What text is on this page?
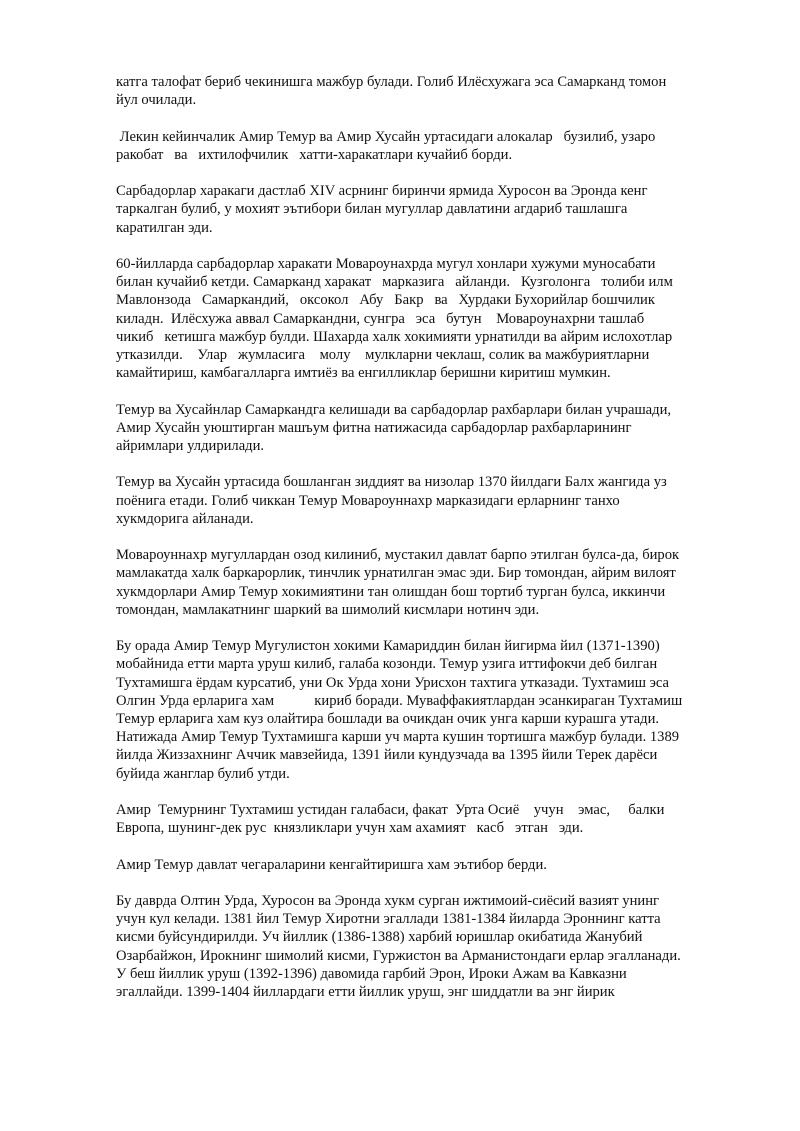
катга талофат бериб чекинишга мажбур булади. Голиб Илёсхужага эса Самарканд томон йул очилади.

Лекин кейинчалик Амир Темур ва Амир Хусайн уртасидаги алокалар   бузилиб, узаро ракобат   ва   ихтилофчилик   хатти-харакатлари кучайиб борди.

Сарбадорлар харакаги дастлаб XIV асрнинг биринчи ярмида Хуросон ва Эронда кенг таркалган булиб, у мохият эътибори билан мугуллар давлатини агдариб ташлашга каратилган эди.

60-йилларда сарбадорлар харакати Мовароунахрда мугул хонлари хужуми муносабати билан кучайиб кетди. Самарканд харакат   марказига   айланди.   Кузголонга   толиби илм Мавлонзода   Самаркандий,   оксокол   Абу   Бакр   ва   Хурдаки Бухорийлар бошчилик киладн.  Илёсхужа аввал Самаркандни, сунгра   эса   бутун    Мовароунахрни ташлаб   чикиб   кетишга мажбур булди. Шахарда халк хокимияти урнатилди ва айрим ислохотлар    утказилди.    Улар   жумласига    молу    мулкларни чеклаш, солик ва мажбуриятларни камайтириш, камбагалларга имтиёз ва енгилликлар беришни киритиш мумкин.

Темур ва Хусайнлар Самаркандга келишади ва сарбадорлар рахбарлари билан учрашади, Амир Хусайн уюштирган машъум фитна натижасида сарбадорлар рахбарларининг айримлари улдирилади.

Темур ва Хусайн уртасида бошланган зиддият ва низолар 1370 йилдаги Балх жангида уз поёнига етади. Голиб чиккан Темур Мовароуннахр марказидаги ерларнинг танхо хукмдорига айланади.

Мовароуннахр мугуллардан озод килиниб, мустакил давлат барпо этилган булса-да, бирок мамлакатда халк баркарорлик, тинчлик урнатилган эмас эди. Бир томондан, айрим вилоят хукмдорлари Амир Темур хокимиятини тан олишдан бош тортиб турган булса, иккинчи томондан, мамлакатнинг шаркий ва шимолий кисмлари нотинч эди.

Бу орада Амир Темур Мугулистон хокими Камариддин билан йигирма йил (1371-1390) мобайнида етти марта уруш килиб, галаба козонди. Темур узига иттифокчи деб билган Тухтамишга ёрдам курсатиб, уни Ок Урда хони Урисхон тахтига утказади. Тухтамиш эса Олгин Урда ерларига хам           кириб боради. Муваффакиятлардан эсанкираган Тухтамиш Темур ерларига хам куз олайтира бошлади ва очикдан очик унга карши курашга утади. Натижада Амир Темур Тухтамишга карши уч марта кушин тортишга мажбур булади. 1389 йилда Жиззахнинг Аччик мавзейида, 1391 йили кундузчада ва 1395 йили Терек дарёси буйида жанглар булиб утди.

Амир  Темурнинг Тухтамиш устидан галабаси, факат  Урта Осиё    учун    эмас,     балки Европа, шунинг-дек рус  князликлари учун хам ахамият   касб   этган   эди.

Амир Темур давлат чегараларини кенгайтиришга хам эътибор берди.

Бу даврда Олтин Урда, Хуросон ва Эронда хукм сурган ижтимоий-сиёсий вазият унинг учун кул келади. 1381 йил Темур Хиротни эгаллади 1381-1384 йиларда Эроннинг катта кисми буйсундирилди. Уч йиллик (1386-1388) харбий юришлар окибатида Жанубий Озарбайжон, Ирокнинг шимолий кисми, Гуржистон ва Арманистондаги ерлар эгалланади. У беш йиллик уруш (1392-1396) давомида гарбий Эрон, Ироки Ажам ва Кавказни эгаллайди. 1399-1404 йиллардаги етти йиллик уруш, энг шиддатли ва энг йирик
